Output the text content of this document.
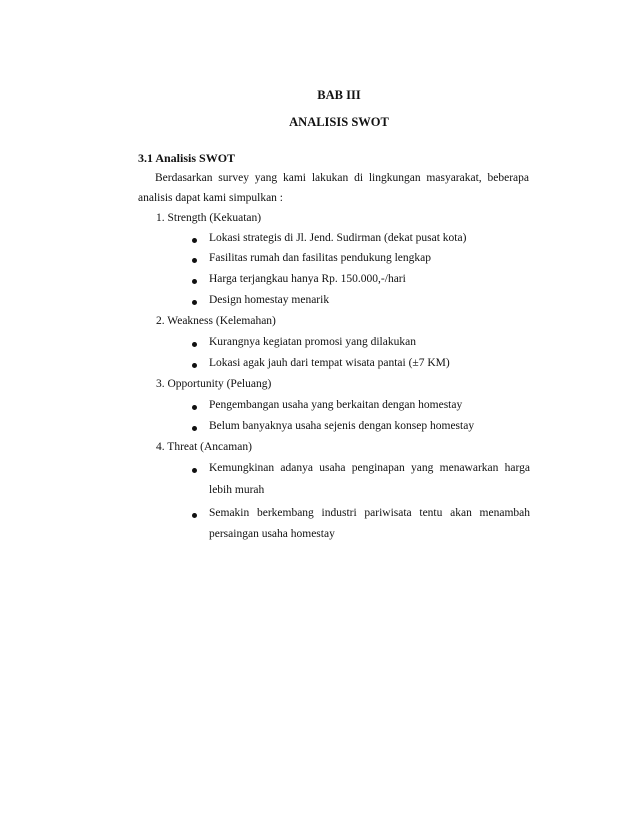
BAB III
ANALISIS SWOT
3.1 Analisis SWOT
Berdasarkan survey yang kami lakukan di lingkungan masyarakat, beberapa
analisis dapat kami simpulkan :
1. Strength (Kekuatan)
Lokasi strategis di Jl. Jend. Sudirman (dekat pusat kota)
Fasilitas rumah dan fasilitas pendukung lengkap
Harga terjangkau hanya Rp. 150.000,-/hari
Design homestay menarik
2. Weakness (Kelemahan)
Kurangnya kegiatan promosi yang dilakukan
Lokasi agak jauh dari tempat wisata pantai (±7 KM)
3. Opportunity (Peluang)
Pengembangan usaha yang berkaitan dengan homestay
Belum banyaknya usaha sejenis dengan konsep homestay
4. Threat (Ancaman)
Kemungkinan adanya usaha penginapan yang menawarkan harga
lebih murah
Semakin berkembang industri pariwisata tentu akan menambah
persaingan usaha homestay
